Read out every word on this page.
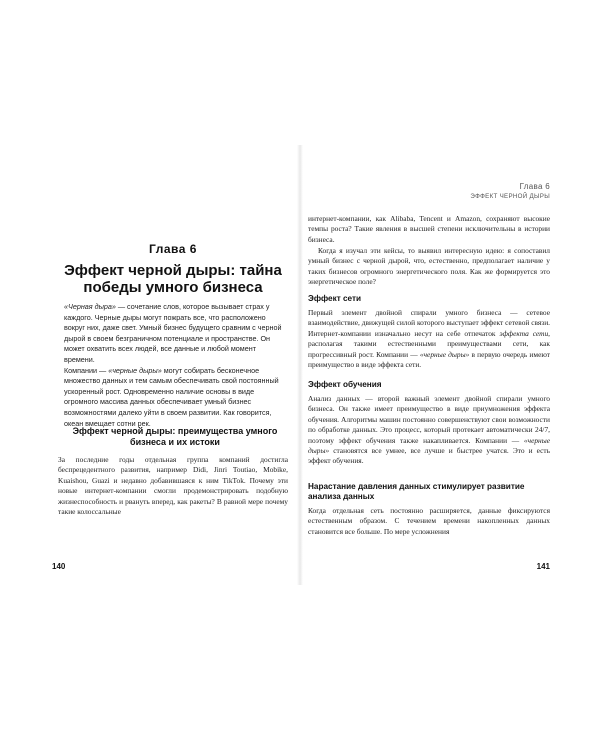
Глава 6
Эффект черной дыры: тайна победы умного бизнеса

«Черная дыра» — сочетание слов, которое вызывает страх у каждого. Черные дыры могут пожрать все, что расположено вокруг них, даже свет. Умный бизнес будущего сравним с черной дырой в своем безграничном потенциале и пространстве. Он может охватить всех людей, все данные и любой момент времени.

Компании — «черные дыры» могут собирать бесконечное множество данных и тем самым обеспечивать свой постоянный ускоренный рост. Одновременно наличие основы в виде огромного массива данных обеспечивает умный бизнес возможностями далеко уйти в своем развитии. Как говорится, океан вмещает сотни рек.

Эффект черной дыры: преимущества умного бизнеса и их истоки
За последние годы отдельная группа компаний достигла беспрецедентного развития, например Didi, Jinri Toutiao, Mobike, Kuaishou, Guazi и недавно добавившаяся к ним TikTok. Почему эти новые интернет-компании смогли продемонстрировать подобную жизнеспособность и рвануть вперед, как ракеты? В равной мере почему такие колоссальные
140
Глава 6
ЭФФЕКТ ЧЕРНОЙ ДЫРЫ
интернет-компании, как Alibaba, Tencent и Amazon, сохраняют высокие темпы роста? Такие явления в высшей степени исключительны в истории бизнеса.
Когда я изучал эти кейсы, то выявил интересную идею: я сопоставил умный бизнес с черной дырой, что, естественно, предполагает наличие у таких бизнесов огромного энергетического поля. Как же формируется это энергетическое поле?
Эффект сети
Первый элемент двойной спирали умного бизнеса — сетевое взаимодействие, движущей силой которого выступает эффект сетевой связи. Интернет-компании изначально несут на себе отпечаток эффекта сети, располагая такими естественными преимуществами сети, как прогрессивный рост. Компании — «черные дыры» в первую очередь имеют преимущество в виде эффекта сети.
Эффект обучения
Анализ данных — второй важный элемент двойной спирали умного бизнеса. Он также имеет преимущество в виде приумножения эффекта обучения. Алгоритмы машин постоянно совершенствуют свои возможности по обработке данных. Это процесс, который протекает автоматически 24/7, поэтому эффект обучения также накапливается. Компании — «черные дыры» становятся все умнее, все лучше и быстрее учатся. Это и есть эффект обучения.
Нарастание давления данных стимулирует развитие анализа данных
Когда отдельная сеть постоянно расширяется, данные фиксируются естественным образом. С течением времени накопленных данных становится все больше. По мере усложнения
141
